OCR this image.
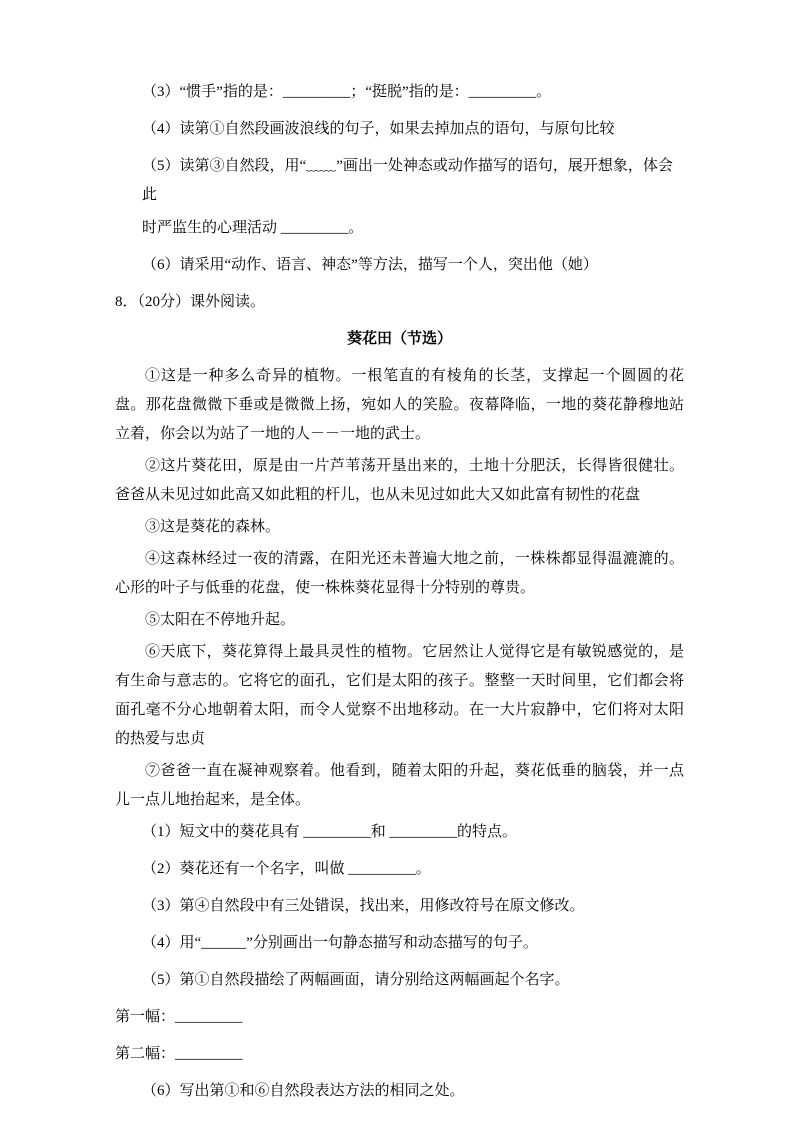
（3）“惯手”指的是：_________；“挺脱”指的是：_________。
（4）读第①自然段画波浪线的句子，如果去掉加点的语句，与原句比较
（5）读第③自然段，用“﹏﹏”画出一处神态或动作描写的语句，展开想象，体会此
时严监生的心理活动 _________。
（6）请采用“动作、语言、神态”等方法，描写一个人，突出他（她）
8．（20分）课外阅读。
葵花田（节选）
①这是一种多么奇异的植物。一根笔直的有棱角的长茎，支撑起一个圆圆的花盘。那花盘微微下垂或是微微上扬，宛如人的笑脸。夜幕降临，一地的葵花静穆地站立着，你会以为站了一地的人－－一地的武士。
②这片葵花田，原是由一片芦苇荡开垦出来的，土地十分肥沃，长得皆很健壮。爸爸从未见过如此高又如此粗的杆儿，也从未见过如此大又如此富有韧性的花盘
③这是葵花的森林。
④这森林经过一夜的清露，在阳光还未普遍大地之前，一株株都显得温漉漉的。心形的叶子与低垂的花盘，使一株株葵花显得十分特别的尊贵。
⑤太阳在不停地升起。
⑥天底下，葵花算得上最具灵性的植物。它居然让人觉得它是有敏锐感觉的，是有生命与意志的。它将它的面孔，它们是太阳的孩子。整整一天时间里，它们都会将面孔毫不分心地朝着太阳，而令人觉察不出地移动。在一大片寂静中，它们将对太阳的热爱与忠贞
⑦爸爸一直在凝神观察着。他看到，随着太阳的升起，葵花低垂的脑袋，并一点儿一点儿地抬起来，是全体。
（1）短文中的葵花具有 _________和 _________的特点。
（2）葵花还有一个名字，叫做 _________。
（3）第④自然段中有三处错误，找出来，用修改符号在原文修改。
（4）用“______”分别画出一句静态描写和动态描写的句子。
（5）第①自然段描绘了两幅画面，请分别给这两幅画起个名字。
第一幅：_________
第二幅：_________
（6）写出第①和⑥自然段表达方法的相同之处。
